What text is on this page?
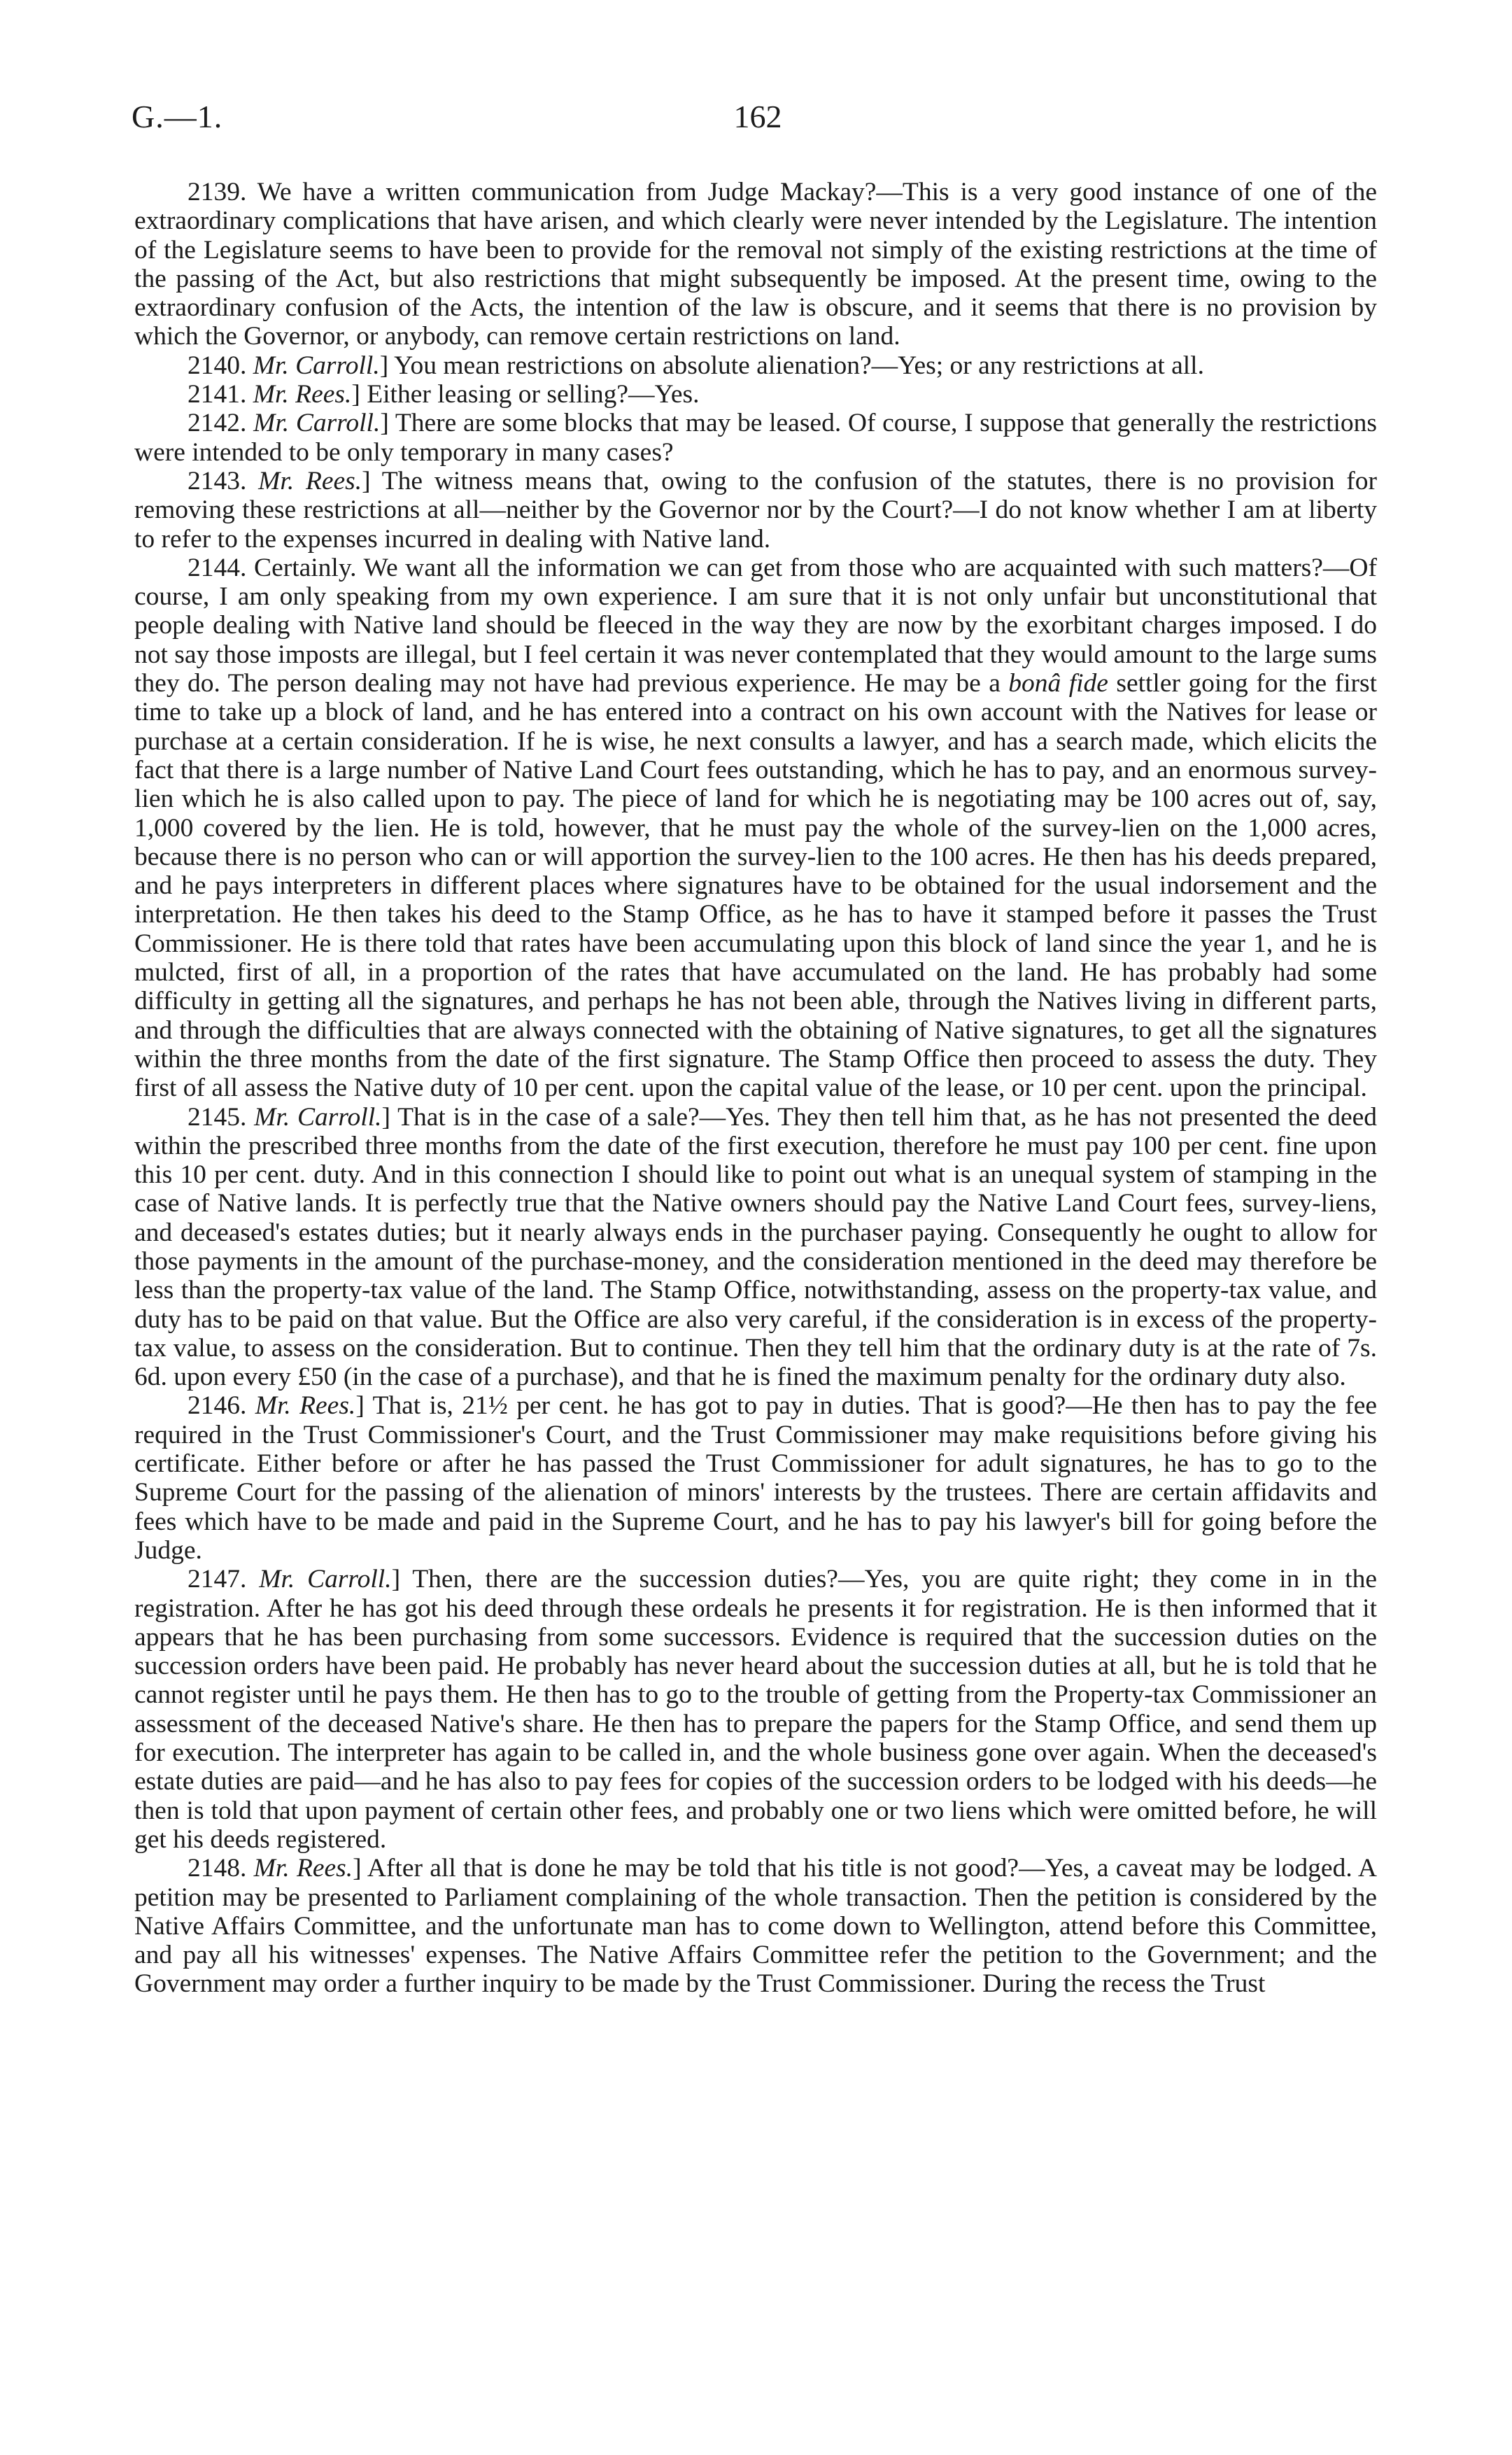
G.—1.	162

2139. We have a written communication from Judge Mackay?—This is a very good instance of one of the extraordinary complications that have arisen, and which clearly were never intended by the Legislature. The intention of the Legislature seems to have been to provide for the removal not simply of the existing restrictions at the time of the passing of the Act, but also restrictions that might subsequently be imposed. At the present time, owing to the extraordinary confusion of the Acts, the intention of the law is obscure, and it seems that there is no provision by which the Governor, or anybody, can remove certain restrictions on land.

2140. Mr. Carroll.] You mean restrictions on absolute alienation?—Yes; or any restrictions at all.

2141. Mr. Rees.] Either leasing or selling?—Yes.

2142. Mr. Carroll.] There are some blocks that may be leased. Of course, I suppose that generally the restrictions were intended to be only temporary in many cases?

2143. Mr. Rees.] The witness means that, owing to the confusion of the statutes, there is no provision for removing these restrictions at all—neither by the Governor nor by the Court?—I do not know whether I am at liberty to refer to the expenses incurred in dealing with Native land.

2144. Certainly. We want all the information we can get from those who are acquainted with such matters?—Of course, I am only speaking from my own experience. I am sure that it is not only unfair but unconstitutional that people dealing with Native land should be fleeced in the way they are now by the exorbitant charges imposed. I do not say those imposts are illegal, but I feel certain it was never contemplated that they would amount to the large sums they do. The person dealing may not have had previous experience. He may be a bonâ fide settler going for the first time to take up a block of land, and he has entered into a contract on his own account with the Natives for lease or purchase at a certain consideration. If he is wise, he next consults a lawyer, and has a search made, which elicits the fact that there is a large number of Native Land Court fees outstanding, which he has to pay, and an enormous survey-lien which he is also called upon to pay. The piece of land for which he is negotiating may be 100 acres out of, say, 1,000 covered by the lien. He is told, however, that he must pay the whole of the survey-lien on the 1,000 acres, because there is no person who can or will apportion the survey-lien to the 100 acres. He then has his deeds prepared, and he pays interpreters in different places where signatures have to be obtained for the usual indorsement and the interpretation. He then takes his deed to the Stamp Office, as he has to have it stamped before it passes the Trust Commissioner. He is there told that rates have been accumulating upon this block of land since the year 1, and he is mulcted, first of all, in a proportion of the rates that have accumulated on the land. He has probably had some difficulty in getting all the signatures, and perhaps he has not been able, through the Natives living in different parts, and through the difficulties that are always connected with the obtaining of Native signatures, to get all the signatures within the three months from the date of the first signature. The Stamp Office then proceed to assess the duty. They first of all assess the Native duty of 10 per cent. upon the capital value of the lease, or 10 per cent. upon the principal.

2145. Mr. Carroll.] That is in the case of a sale?—Yes. They then tell him that, as he has not presented the deed within the prescribed three months from the date of the first execution, therefore he must pay 100 per cent. fine upon this 10 per cent. duty. And in this connection I should like to point out what is an unequal system of stamping in the case of Native lands. It is perfectly true that the Native owners should pay the Native Land Court fees, survey-liens, and deceased's estates duties; but it nearly always ends in the purchaser paying. Consequently he ought to allow for those payments in the amount of the purchase-money, and the consideration mentioned in the deed may therefore be less than the property-tax value of the land. The Stamp Office, notwithstanding, assess on the property-tax value, and duty has to be paid on that value. But the Office are also very careful, if the consideration is in excess of the property-tax value, to assess on the consideration. But to continue. Then they tell him that the ordinary duty is at the rate of 7s. 6d. upon every £50 (in the case of a purchase), and that he is fined the maximum penalty for the ordinary duty also.

2146. Mr. Rees.] That is, 21½ per cent. he has got to pay in duties. That is good?—He then has to pay the fee required in the Trust Commissioner's Court, and the Trust Commissioner may make requisitions before giving his certificate. Either before or after he has passed the Trust Commissioner for adult signatures, he has to go to the Supreme Court for the passing of the alienation of minors' interests by the trustees. There are certain affidavits and fees which have to be made and paid in the Supreme Court, and he has to pay his lawyer's bill for going before the Judge.

2147. Mr. Carroll.] Then, there are the succession duties?—Yes, you are quite right; they come in in the registration. After he has got his deed through these ordeals he presents it for registration. He is then informed that it appears that he has been purchasing from some successors. Evidence is required that the succession duties on the succession orders have been paid. He probably has never heard about the succession duties at all, but he is told that he cannot register until he pays them. He then has to go to the trouble of getting from the Property-tax Commissioner an assessment of the deceased Native's share. He then has to prepare the papers for the Stamp Office, and send them up for execution. The interpreter has again to be called in, and the whole business gone over again. When the deceased's estate duties are paid—and he has also to pay fees for copies of the succession orders to be lodged with his deeds—he then is told that upon payment of certain other fees, and probably one or two liens which were omitted before, he will get his deeds registered.

2148. Mr. Rees.] After all that is done he may be told that his title is not good?—Yes, a caveat may be lodged. A petition may be presented to Parliament complaining of the whole transaction. Then the petition is considered by the Native Affairs Committee, and the unfortunate man has to come down to Wellington, attend before this Committee, and pay all his witnesses' expenses. The Native Affairs Committee refer the petition to the Government; and the Government may order a further inquiry to be made by the Trust Commissioner. During the recess the Trust
